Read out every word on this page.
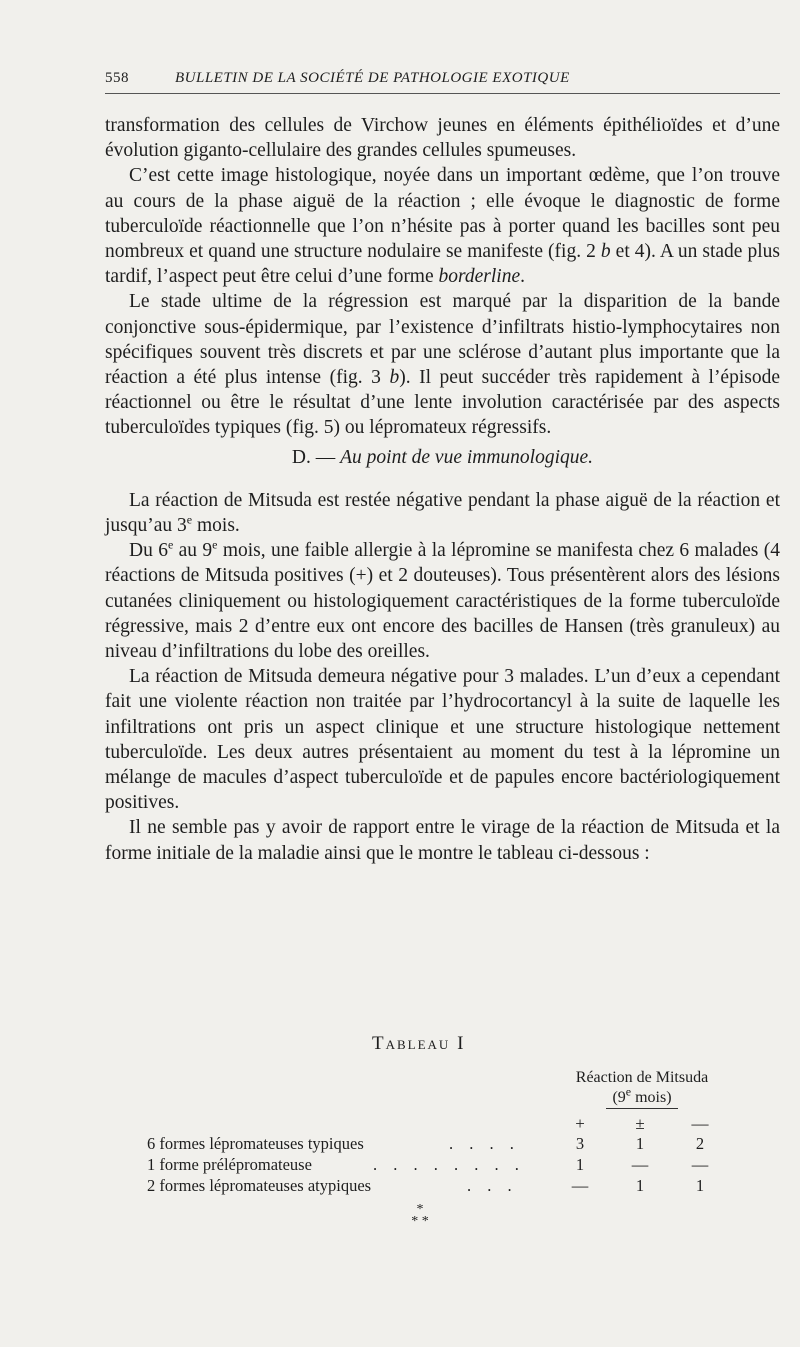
558	BULLETIN DE LA SOCIÉTÉ DE PATHOLOGIE EXOTIQUE

transformation des cellules de Virchow jeunes en éléments épithélioïdes et d’une évolution giganto-cellulaire des grandes cellules spumeuses.

C’est cette image histologique, noyée dans un important œdème, que l’on trouve au cours de la phase aiguë de la réaction ; elle évoque le diagnostic de forme tuberculoïde réactionnelle que l’on n’hésite pas à porter quand les bacilles sont peu nombreux et quand une structure nodulaire se manifeste (fig. 2 b et 4). A un stade plus tardif, l’aspect peut être celui d’une forme borderline.

Le stade ultime de la régression est marqué par la disparition de la bande conjonctive sous-épidermique, par l’existence d’infiltrats histio-lymphocytaires non spécifiques souvent très discrets et par une sclérose d’autant plus importante que la réaction a été plus intense (fig. 3 b). Il peut succéder très rapidement à l’épisode réactionnel ou être le résultat d’une lente involution caractérisée par des aspects tuberculoïdes typiques (fig. 5) ou lépromateux régressifs.

D. — Au point de vue immunologique.

La réaction de Mitsuda est restée négative pendant la phase aiguë de la réaction et jusqu’au 3e mois.

Du 6e au 9e mois, une faible allergie à la lépromine se manifesta chez 6 malades (4 réactions de Mitsuda positives (+) et 2 douteuses). Tous présentèrent alors des lésions cutanées cliniquement ou histologiquement caractéristiques de la forme tuberculoïde régressive, mais 2 d’entre eux ont encore des bacilles de Hansen (très granuleux) au niveau d’infiltrations du lobe des oreilles.

La réaction de Mitsuda demeura négative pour 3 malades. L’un d’eux a cependant fait une violente réaction non traitée par l’hydrocortancyl à la suite de laquelle les infiltrations ont pris un aspect clinique et une structure histologique nettement tuberculoïde. Les deux autres présentaient au moment du test à la lépromine un mélange de macules d’aspect tuberculoïde et de papules encore bactériologiquement positives.

Il ne semble pas y avoir de rapport entre le virage de la réaction de Mitsuda et la forme initiale de la maladie ainsi que le montre le tableau ci-dessous :

Tableau I
Réaction de Mitsuda
(9e mois)
+	±	—
6 formes lépromateuses typiques	. . . .	3	1	2
1 forme prélépromateuse	. . . . . . . .	1	—	—
2 formes lépromateuses atypiques	. . .	—	1	1
*
* *
